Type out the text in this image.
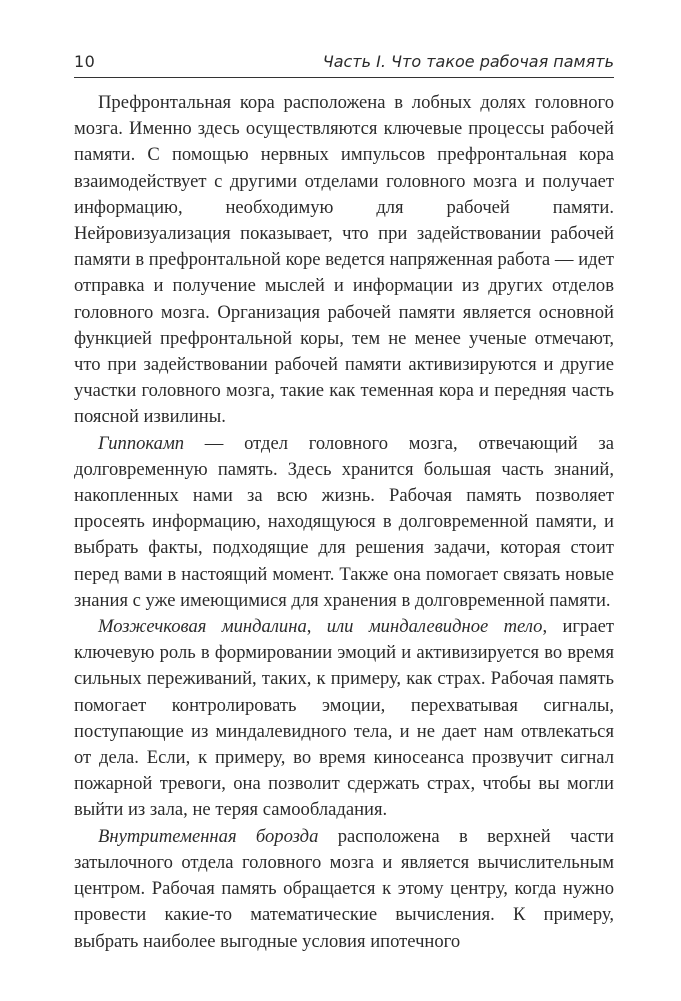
10	Часть I. Что такое рабочая память

Префронтальная кора расположена в лобных долях головного мозга. Именно здесь осуществляются ключевые процессы рабочей памяти. С помощью нервных импульсов префронтальная кора взаимодействует с другими отделами головного мозга и получает информацию, необходимую для рабочей памяти. Нейровизуализация показывает, что при задействовании рабочей памяти в префронтальной коре ведется напряженная работа — идет отправка и получение мыслей и информации из других отделов головного мозга. Организация рабочей памяти является основной функцией префронтальной коры, тем не менее ученые отмечают, что при задействовании рабочей памяти активизируются и другие участки головного мозга, такие как теменная кора и передняя часть поясной извилины.

Гиппокамп — отдел головного мозга, отвечающий за долговременную память. Здесь хранится большая часть знаний, накопленных нами за всю жизнь. Рабочая память позволяет просеять информацию, находящуюся в долговременной памяти, и выбрать факты, подходящие для решения задачи, которая стоит перед вами в настоящий момент. Также она помогает связать новые знания с уже имеющимися для хранения в долговременной памяти.

Мозжечковая миндалина, или миндалевидное тело, играет ключевую роль в формировании эмоций и активизируется во время сильных переживаний, таких, к примеру, как страх. Рабочая память помогает контролировать эмоции, перехватывая сигналы, поступающие из миндалевидного тела, и не дает нам отвлекаться от дела. Если, к примеру, во время киносеанса прозвучит сигнал пожарной тревоги, она позволит сдержать страх, чтобы вы могли выйти из зала, не теряя самообладания.

Внутритеменная борозда расположена в верхней части затылочного отдела головного мозга и является вычислительным центром. Рабочая память обращается к этому центру, когда нужно провести какие-то математические вычисления. К примеру, выбрать наиболее выгодные условия ипотечного
